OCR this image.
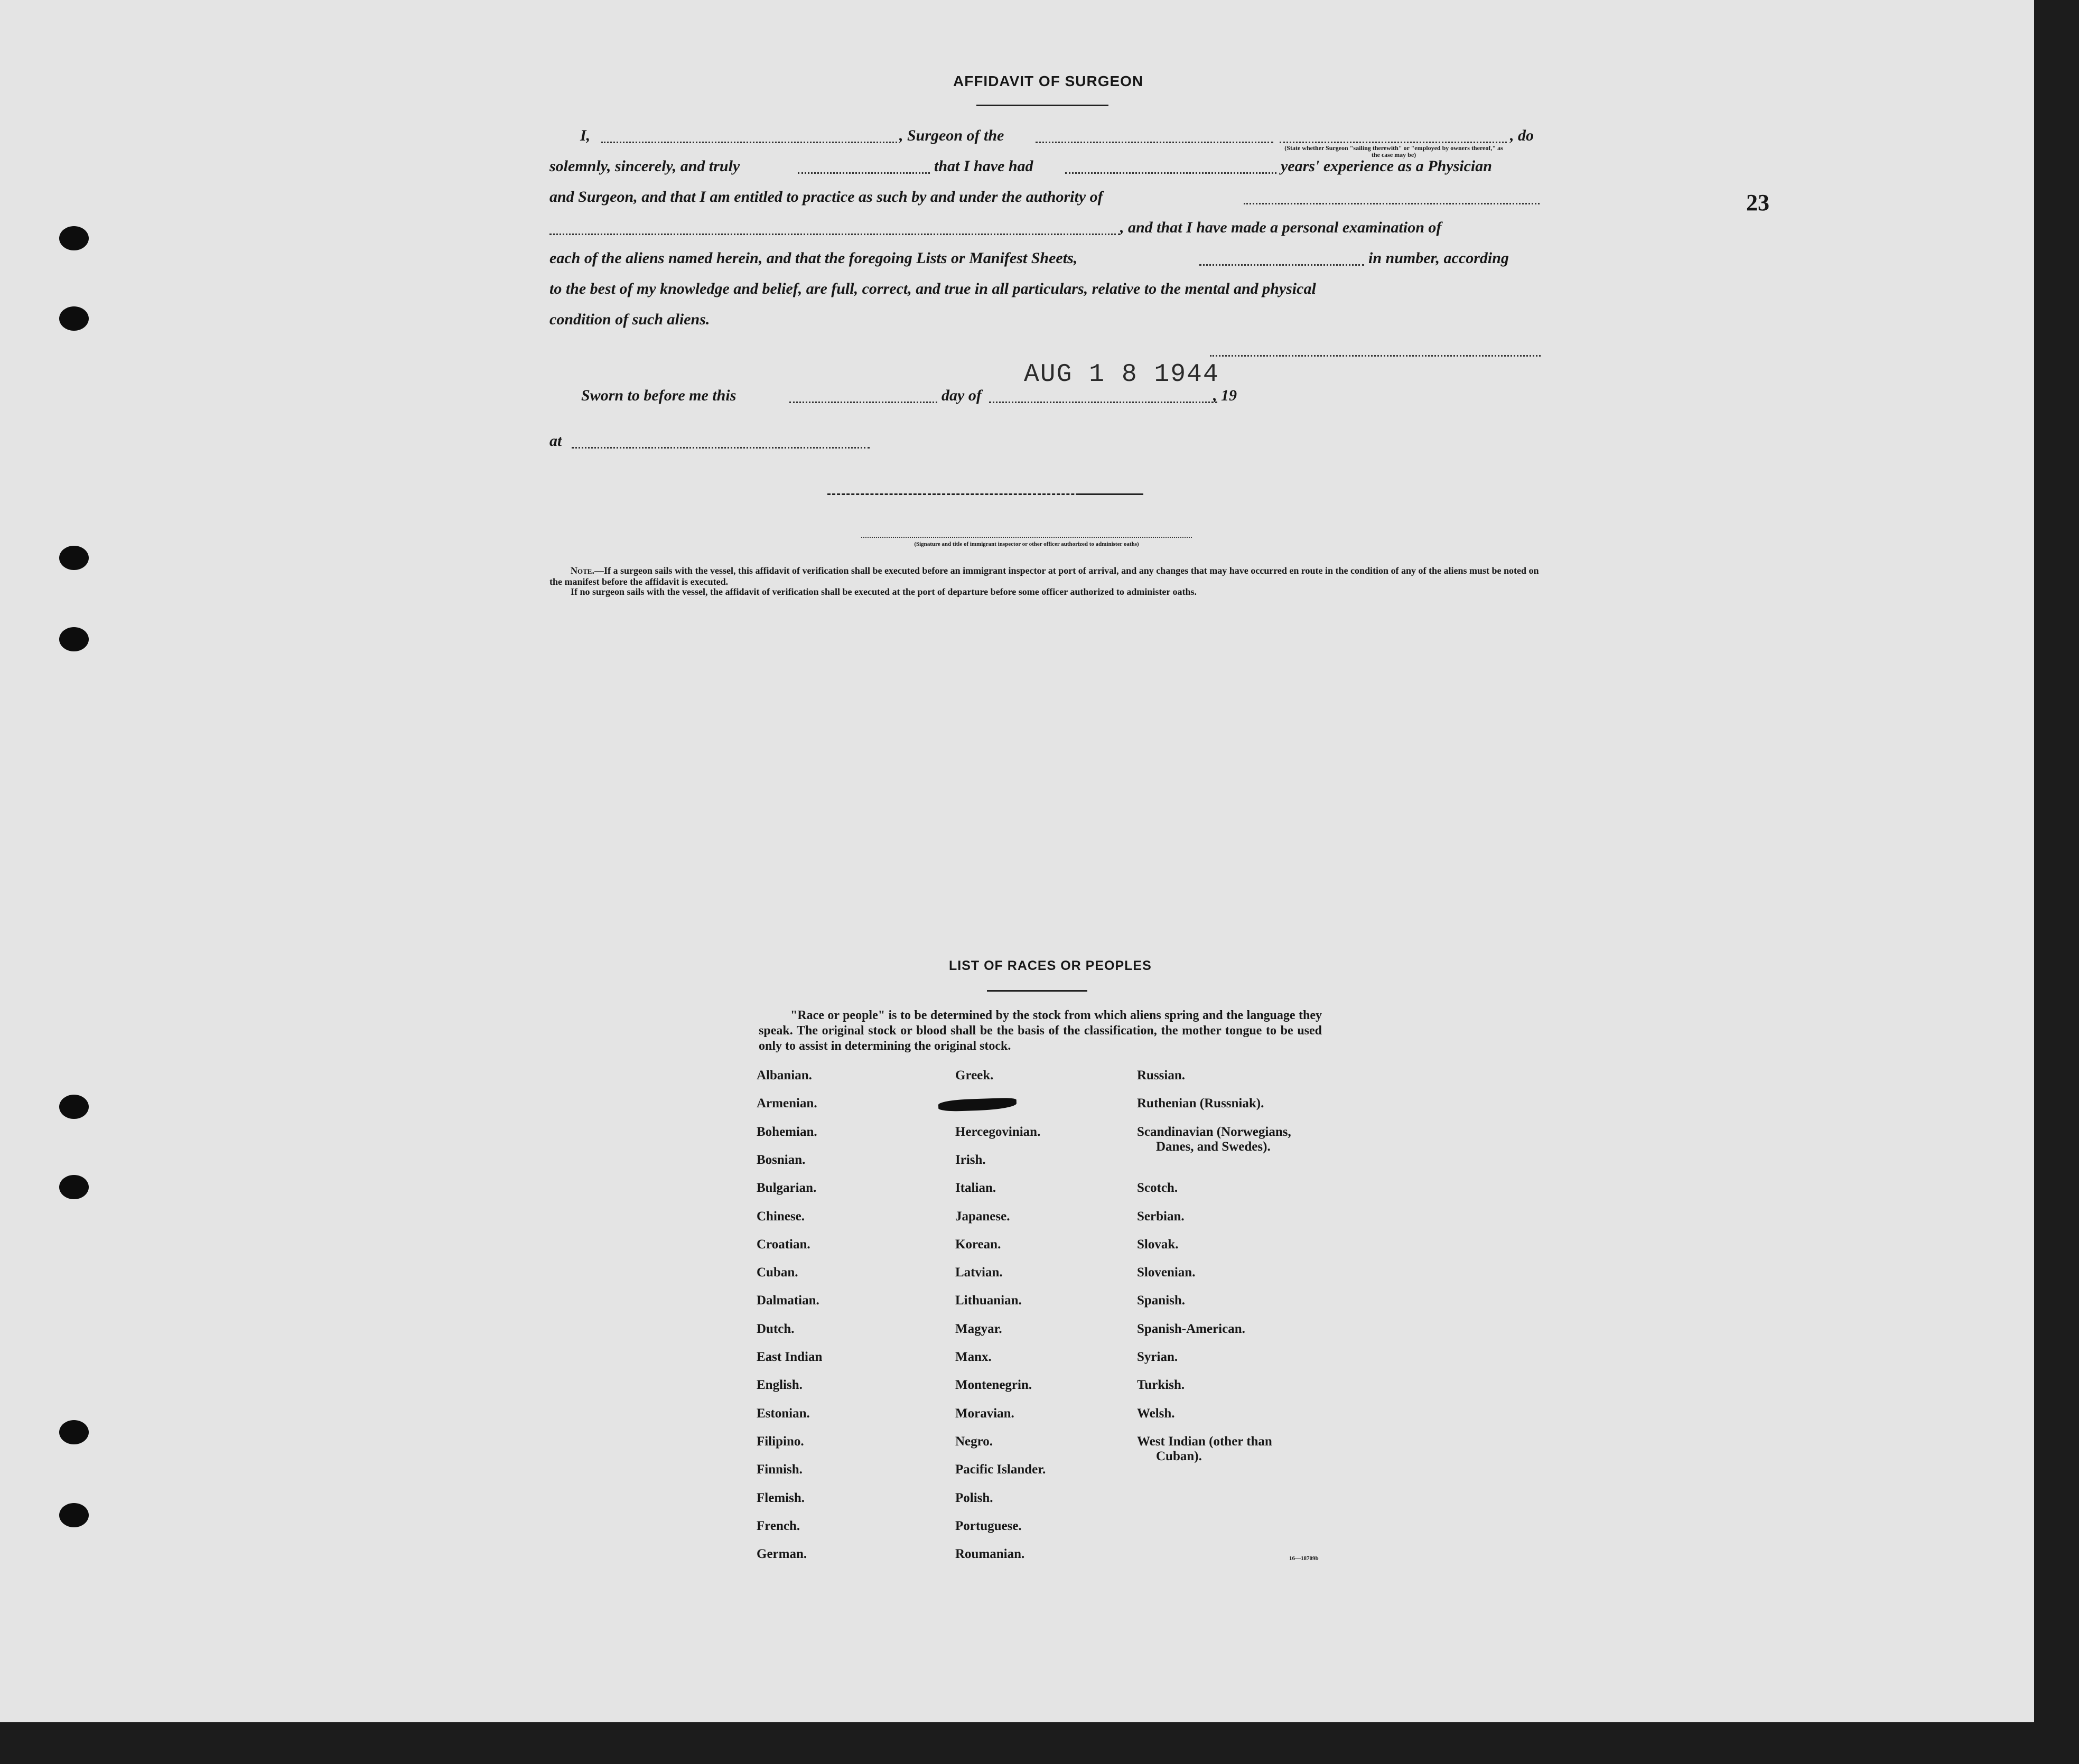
23
AFFIDAVIT OF SURGEON
I,	, Surgeon of the	, do
(State whether Surgeon "sailing therewith" or "employed by owners thereof," as the case may be)
solemnly, sincerely, and truly	that I have had	years' experience as a Physician
and Surgeon, and that I am entitled to practice as such by and under the authority of
, and that I have made a personal examination of
each of the aliens named herein, and that the foregoing Lists or Manifest Sheets,	in number, according
to the best of my knowledge and belief, are full, correct, and true in all particulars, relative to the mental and physical
condition of such aliens.
Sworn to before me this	day of	, 19
AUG 1 8 1944
at
(Signature and title of immigrant inspector or other officer authorized to administer oaths)
Note.—If a surgeon sails with the vessel, this affidavit of verification shall be executed before an immigrant inspector at port of arrival, and any changes that may have occurred en route in the condition of any of the aliens must be noted on the manifest before the affidavit is executed.
If no surgeon sails with the vessel, the affidavit of verification shall be executed at the port of departure before some officer authorized to administer oaths.
LIST OF RACES OR PEOPLES
"Race or people" is to be determined by the stock from which aliens spring and the language they speak. The original stock or blood shall be the basis of the classification, the mother tongue to be used only to assist in determining the original stock.
16—18709b
Albanian.
Armenian.
Bohemian.
Bosnian.
Bulgarian.
Chinese.
Croatian.
Cuban.
Dalmatian.
Dutch.
East Indian
English.
Estonian.
Filipino.
Finnish.
Flemish.
French.
German.
Greek.
Hercegovinian.
Irish.
Italian.
Japanese.
Korean.
Latvian.
Lithuanian.
Magyar.
Manx.
Montenegrin.
Moravian.
Negro.
Pacific Islander.
Polish.
Portuguese.
Roumanian.
Russian.
Ruthenian (Russniak).
Scandinavian (Norwegians,
Danes, and Swedes).
Scotch.
Serbian.
Slovak.
Slovenian.
Spanish.
Spanish-American.
Syrian.
Turkish.
Welsh.
West Indian (other than
Cuban).
